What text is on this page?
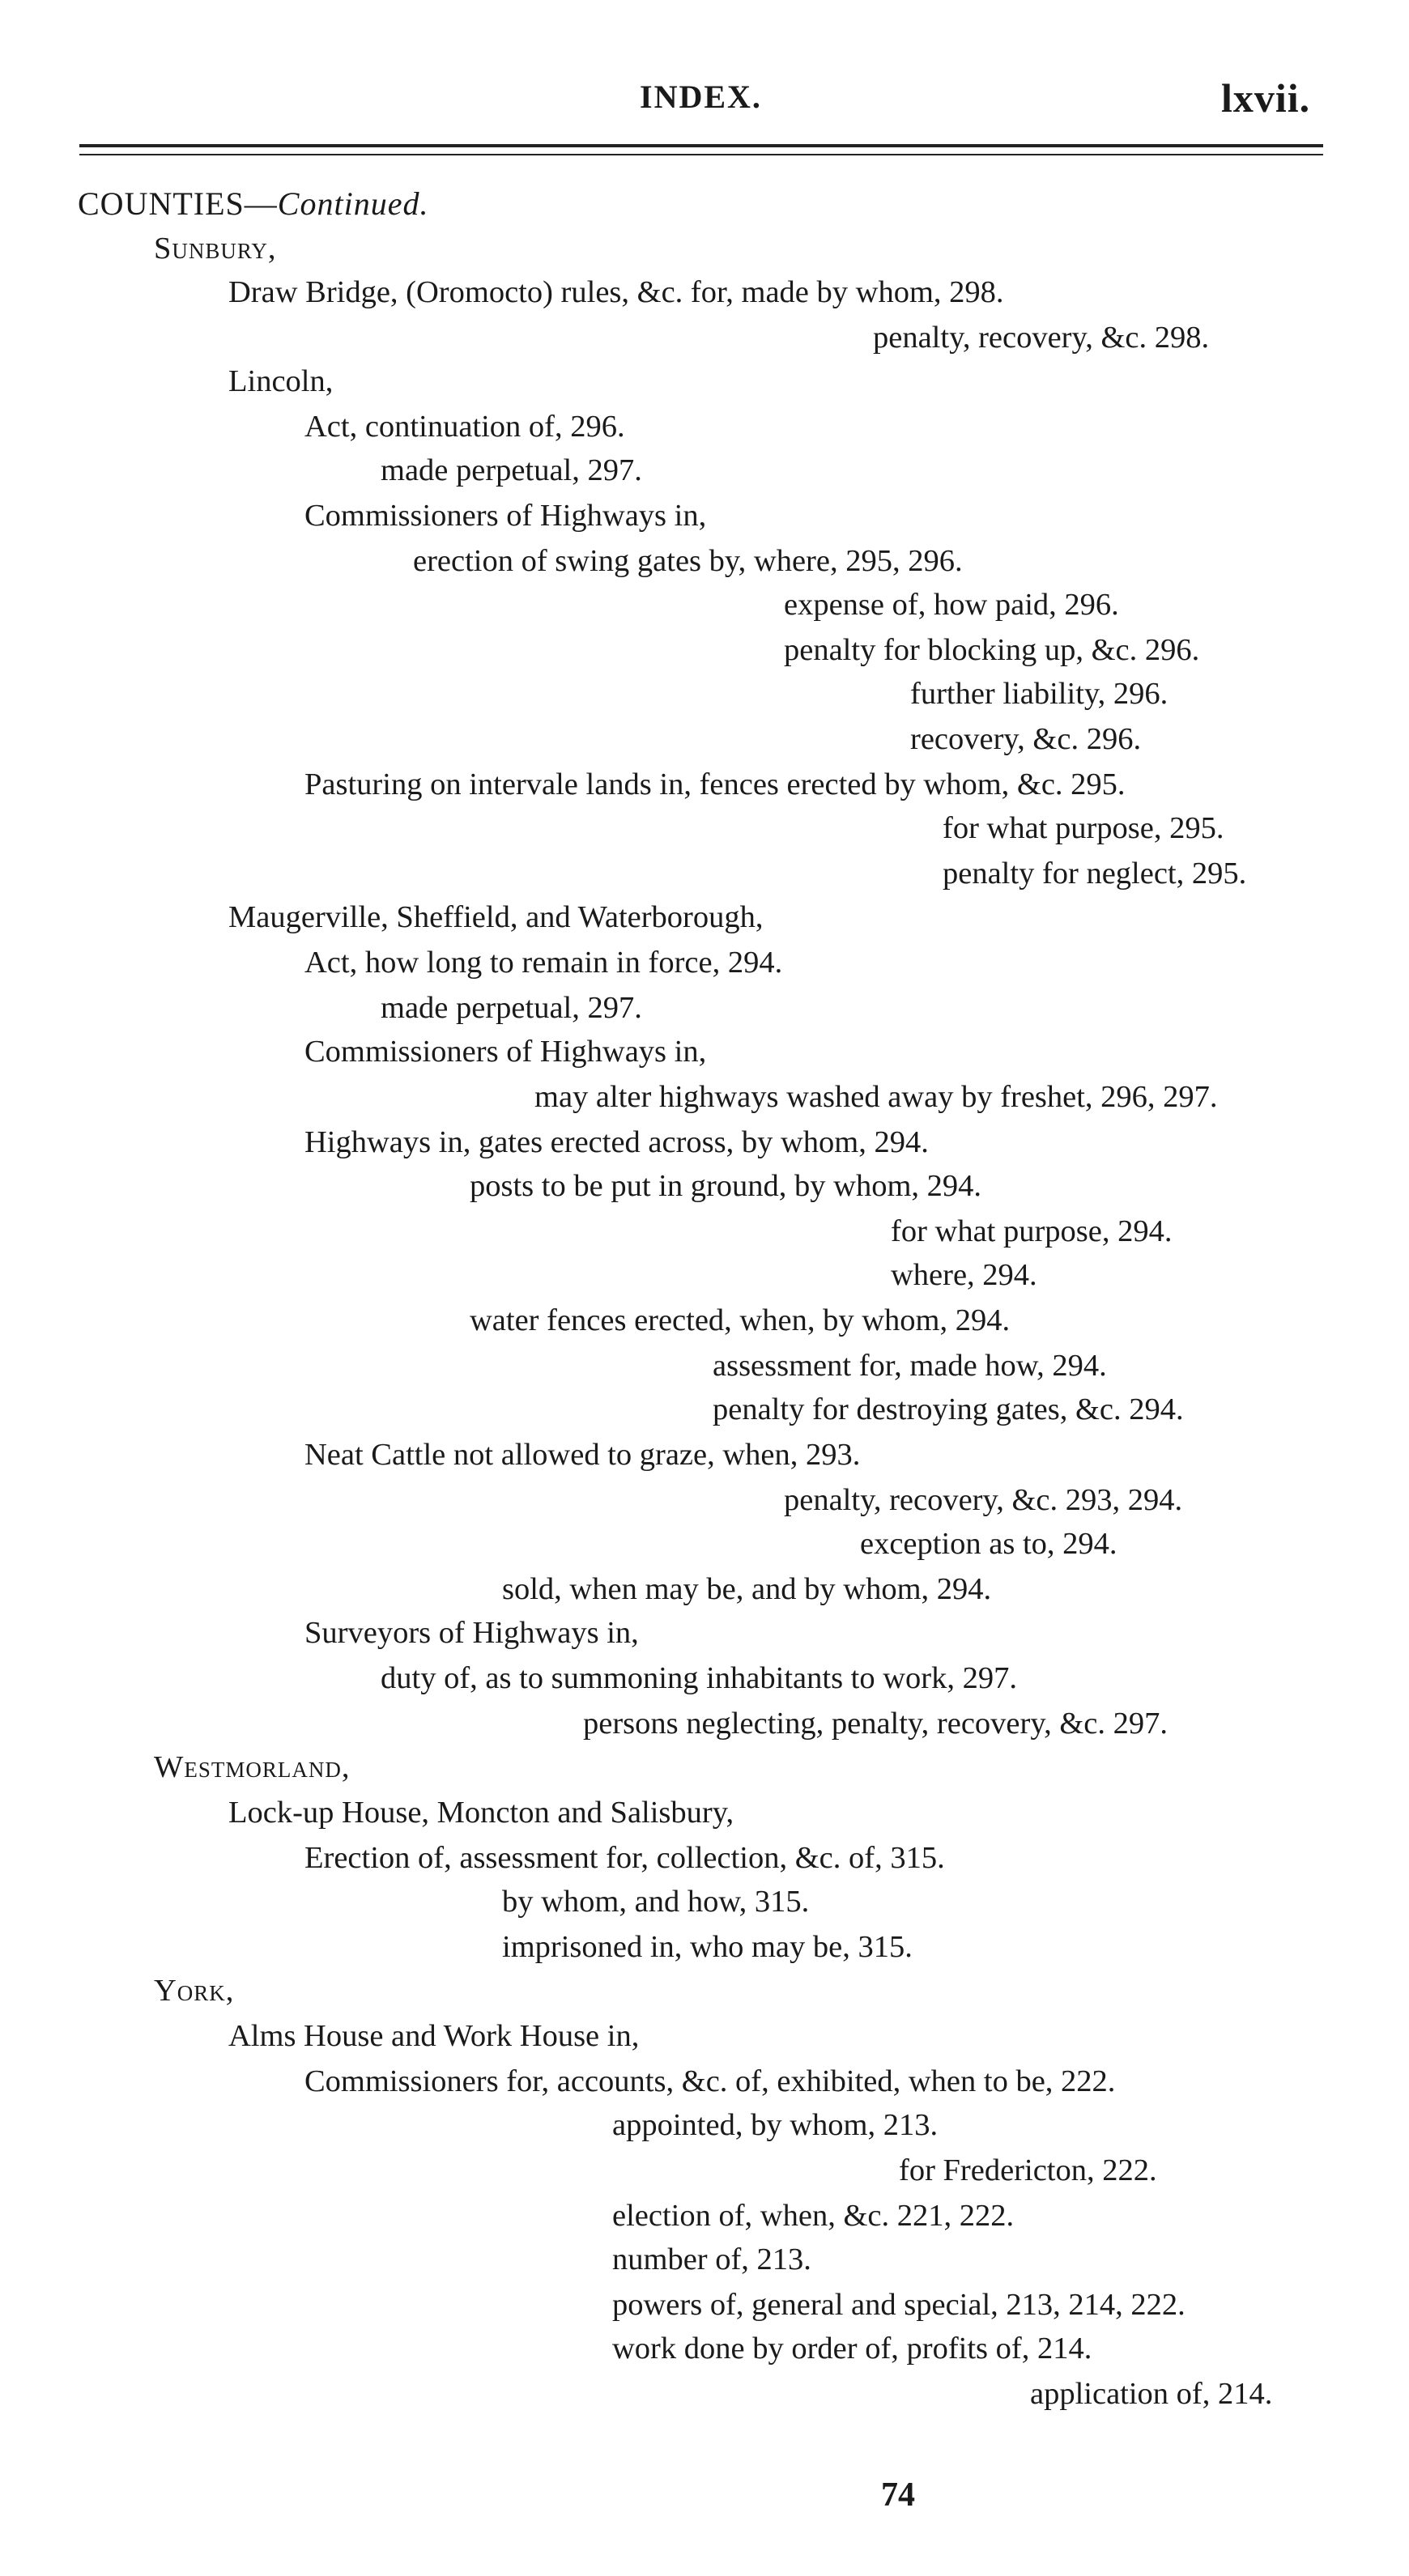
INDEX.	lxvii.
COUNTIES—Continued.
Sunbury,
Draw Bridge, (Oromocto) rules, &c. for, made by whom, 298.
penalty, recovery, &c. 298.
Lincoln,
Act, continuation of, 296.
made perpetual, 297.
Commissioners of Highways in,
erection of swing gates by, where, 295, 296.
expense of, how paid, 296.
penalty for blocking up, &c. 296.
further liability, 296.
recovery, &c. 296.
Pasturing on intervale lands in, fences erected by whom, &c. 295.
for what purpose, 295.
penalty for neglect, 295.
Maugerville, Sheffield, and Waterborough,
Act, how long to remain in force, 294.
made perpetual, 297.
Commissioners of Highways in,
may alter highways washed away by freshet, 296, 297.
Highways in, gates erected across, by whom, 294.
posts to be put in ground, by whom, 294.
for what purpose, 294.
where, 294.
water fences erected, when, by whom, 294.
assessment for, made how, 294.
penalty for destroying gates, &c. 294.
Neat Cattle not allowed to graze, when, 293.
penalty, recovery, &c. 293, 294.
exception as to, 294.
sold, when may be, and by whom, 294.
Surveyors of Highways in,
duty of, as to summoning inhabitants to work, 297.
persons neglecting, penalty, recovery, &c. 297.
Westmorland,
Lock-up House, Moncton and Salisbury,
Erection of, assessment for, collection, &c. of, 315.
by whom, and how, 315.
imprisoned in, who may be, 315.
York,
Alms House and Work House in,
Commissioners for, accounts, &c. of, exhibited, when to be, 222.
appointed, by whom, 213.
for Fredericton, 222.
election of, when, &c. 221, 222.
number of, 213.
powers of, general and special, 213, 214, 222.
work done by order of, profits of, 214.
application of, 214.
74
